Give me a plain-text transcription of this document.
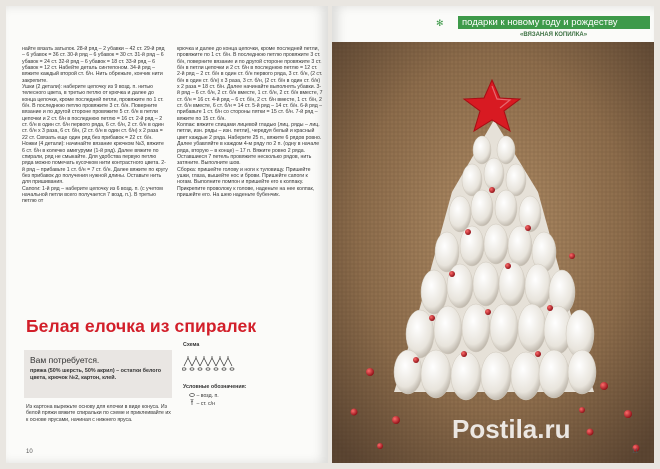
найте вязать затылок. 28-й ряд – 2 убавки – 42 ст. 29-й ряд – 6 убавок = 36 ст. 30-й ряд – 6 убавок = 30 ст. 31-й ряд – 6 убавок = 24 ст. 32-й ряд – 6 убавок = 18 ст. 33-й ряд – 6 убавок = 12 ст. Набейте деталь синтепоном. 34-й ряд – вяжите каждый второй ст. б/н. Нить обрежьте, кончик нити закрепите.
Ушки (2 детали): наберите цепочку из 9 возд. п. нитью телесного цвета, в третью петлю от крючка и далее до конца цепочки, кроме последней петли, провяжите по 1 ст. б/н. В последнюю петлю провяжите 3 ст. б/н. Поверните вязание и по другой стороне провяжите 5 ст. б/н в петли цепочки и 2 ст. б/н в последнюю петлю = 16 ст. 2-й ряд – 2 ст. б/н в один ст. б/н первого ряда, 6 ст. б/н, 2 ст. б/н в один ст. б/н x 3 раза, 6 ст. б/н, (2 ст. б/н в один ст. б/н) x 2 раза = 22 ст. Связать еще один ряд без прибавок = 22 ст. б/н.
Ножки (4 детали): начинайте вязание крючком №3, вяжите 6 ст. б/н в колечко амигуруми (1-й ряд). Далее вяжите по спирали, ряд не смыкайте. Для удобства первую петлю ряда можно помечать кусочком нити контрастного цвета. 2-й ряд – прибавьте 1 ст. б/н = 7 ст. б/н. Далее вяжите по кругу без прибавок до получения нужной длины. Оставьте нить для пришивания.
Сапоги: 1-й ряд – наберите цепочку из 6 возд. п. (с учетом начальной петли всего получается 7 возд. п.). В третью петлю от
крючка и далее до конца цепочки, кроме последней петли, провяжите по 1 ст. б/н. В последнюю петлю провяжите 3 ст. б/н, поверните вязание и по другой стороне провяжите 3 ст. б/н в петли цепочки и 2 ст. б/н в последнюю петлю = 12 ст. 2-й ряд – 2 ст. б/н в один ст. б/н первого ряда, 3 ст. б/н, (2 ст. б/н в один ст. б/н) x 3 раза, 3 ст. б/н, (2 ст. б/н в один ст. б/н) x 2 раза = 18 ст. б/н. Далее начинайте выполнять убавки. 3-й ряд – 6 ст. б/н, 2 ст. б/н вместе, 1 ст. б/н, 2 ст. б/н вместе, 7 ст. б/н = 16 ст. 4-й ряд – 6 ст. б/н, 2 ст. б/н вместе, 1 ст. б/н, 2 ст. б/н вместе, 6 ст. б/н = 14 ст. 5-й ряд – 14 ст. б/н. 6-й ряд – прибавьте 1 ст. б/н со стороны пятки = 15 ст. б/н. 7-й ряд – вяжите по 15 ст. б/н.
Колпак: вяжите спицами лицевой гладью (лиц. ряды – лиц. петли, изн. ряды – изн. петли), чередуя белый и красный цвет каждые 2 ряда. Наберите 25 п., вяжите 6 рядов ровно. Далее убавляйте в каждом 4-м ряду по 2 п. (одну в начале ряда, вторую – в конце) – 17 п. Вяжите ровно 2 ряда. Оставшиеся 7 петель провяжите несколько рядов, нить затяните. Выполните шов.
Сборка: пришейте голову и ноги к туловищу. Пришейте ушки, глаза, вышейте нос и брови. Пришейте сапоги к ногам. Выполните помпон и пришейте его к колпаку. Прикрепите проволоку к голове, наденьте на нее колпак, пришейте его. На шею наденьте бубенчик.
Белая елочка из спиралек
Вам потребуется.
пряжа (50% шерсть, 50% акрил) – остатки белого цвета, крючок №2, картон, клей.
Из картона вырежьте основу для елочки в виде конуса. Из белой пряжи вяжите спиральки по схеме и приклеивайте их к основе ярусами, начиная с нижнего яруса.
Схема
Условные обозначения:
– возд. п.
– ст. с/н
10
✻ подарки к новому году и рождеству
«ВЯЗАНАЯ КОПИЛКА»
Postila.ru
11
